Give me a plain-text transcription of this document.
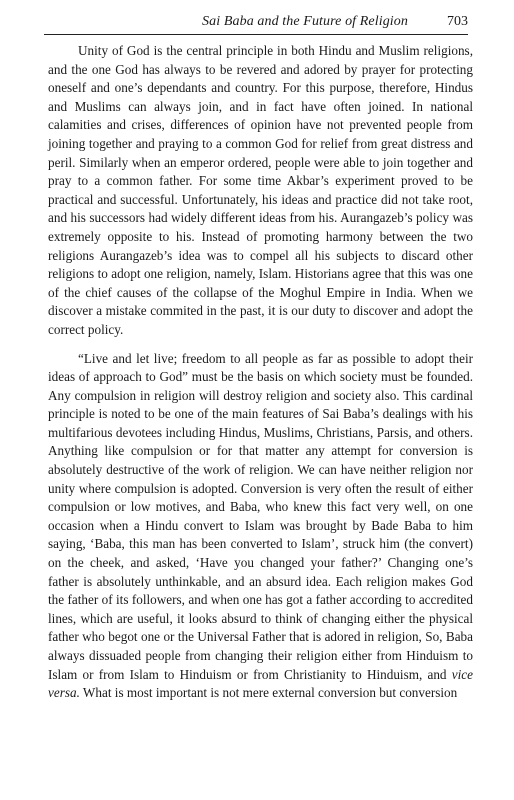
Sai Baba and the Future of Religion	703

Unity of God is the central principle in both Hindu and Muslim religions, and the one God has always to be revered and adored by prayer for protecting oneself and one’s dependants and country. For this purpose, therefore, Hindus and Muslims can always join, and in fact have often joined. In national calamities and crises, differences of opinion have not prevented people from joining together and praying to a common God for relief from great distress and peril. Similarly when an emperor ordered, people were able to join together and pray to a common father. For some time Akbar’s experiment proved to be practical and successful. Unfortunately, his ideas and practice did not take root, and his successors had widely different ideas from his. Aurangazeb’s policy was extremely opposite to his. Instead of promoting harmony between the two religions Aurangazeb’s idea was to compel all his subjects to discard other religions to adopt one religion, namely, Islam. Historians agree that this was one of the chief causes of the collapse of the Moghul Empire in India. When we discover a mistake commited in the past, it is our duty to discover and adopt the correct policy.

“Live and let live; freedom to all people as far as possible to adopt their ideas of approach to God” must be the basis on which society must be founded. Any compulsion in religion will destroy religion and society also. This cardinal principle is noted to be one of the main features of Sai Baba’s dealings with his multifarious devotees including Hindus, Muslims, Christians, Parsis, and others. Anything like compulsion or for that matter any attempt for conversion is absolutely destructive of the work of religion. We can have neither religion nor unity where compulsion is adopted. Conversion is very often the result of either compulsion or low motives, and Baba, who knew this fact very well, on one occasion when a Hindu convert to Islam was brought by Bade Baba to him saying, ‘Baba, this man has been converted to Islam’, struck him (the convert) on the cheek, and asked, ‘Have you changed your father?’ Changing one’s father is absolutely unthinkable, and an absurd idea. Each religion makes God the father of its followers, and when one has got a father according to accredited lines, which are useful, it looks absurd to think of changing either the physical father who begot one or the Universal Father that is adored in religion, So, Baba always dissuaded people from changing their religion either from Hinduism to Islam or from Islam to Hinduism or from Christianity to Hinduism, and vice versa. What is most important is not mere external conversion but conversion
